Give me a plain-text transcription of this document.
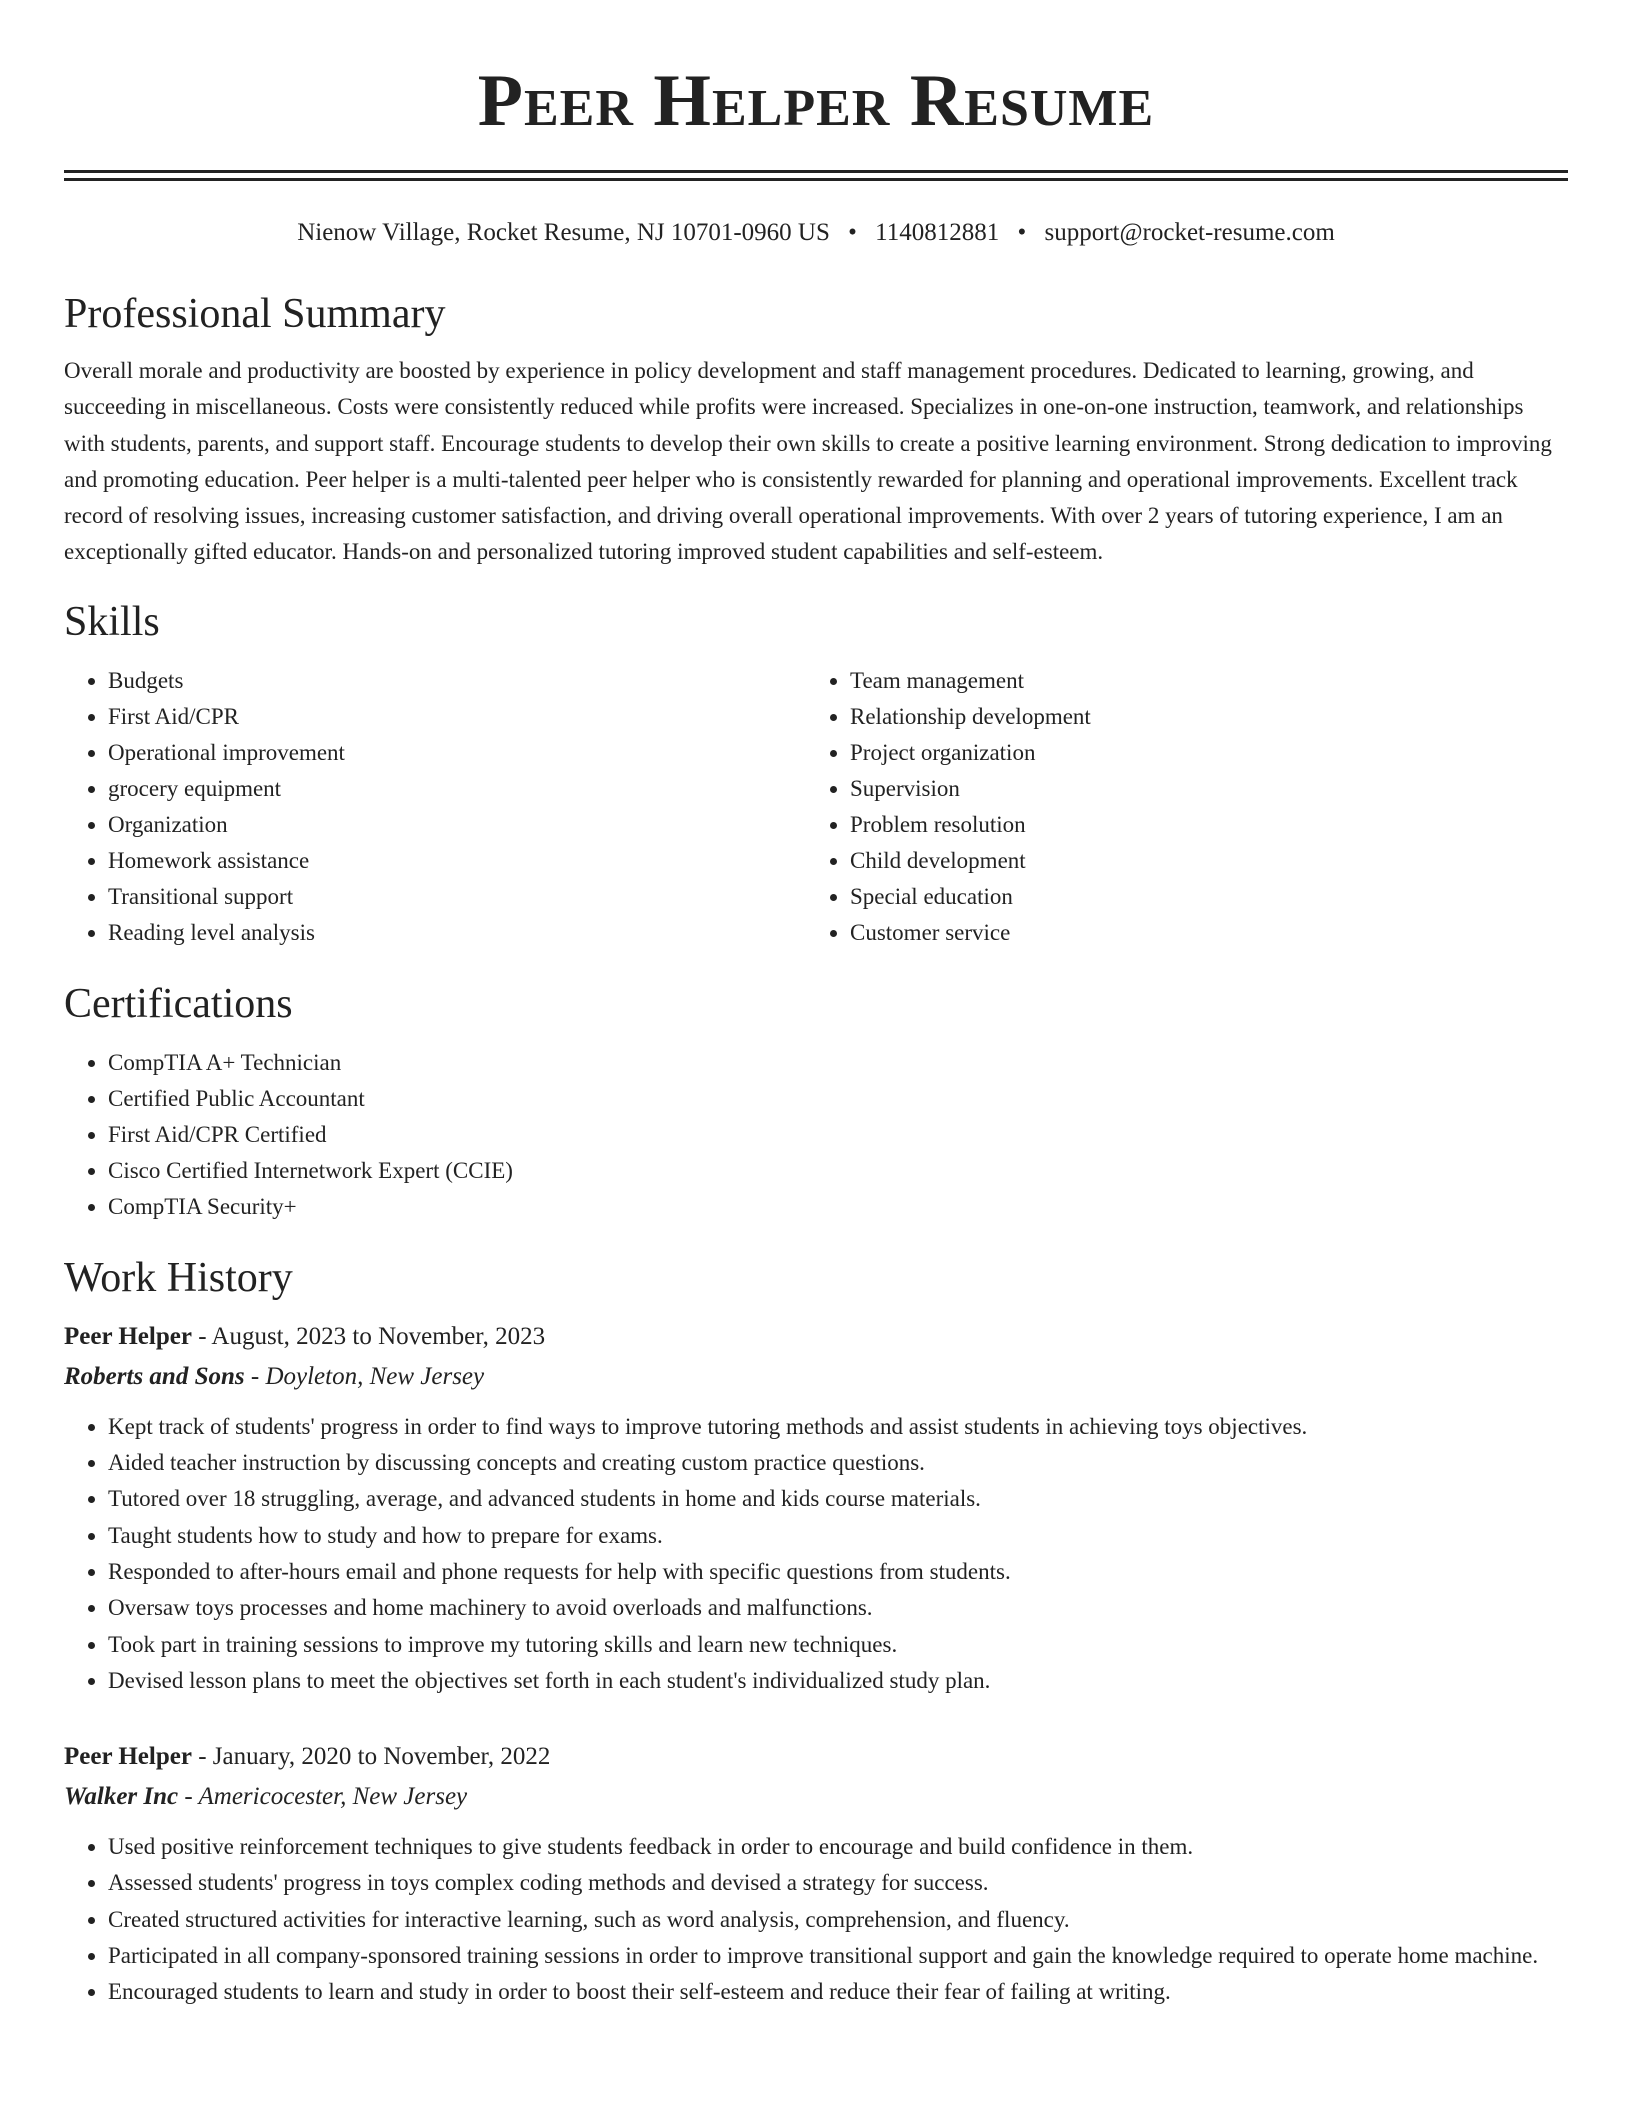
Peer Helper Resume
Nienow Village, Rocket Resume, NJ 10701-0960 US • 1140812881 • support@rocket-resume.com
Professional Summary

Overall morale and productivity are boosted by experience in policy development and staff management procedures. Dedicated to learning, growing, and succeeding in miscellaneous. Costs were consistently reduced while profits were increased. Specializes in one-on-one instruction, teamwork, and relationships with students, parents, and support staff. Encourage students to develop their own skills to create a positive learning environment. Strong dedication to improving and promoting education. Peer helper is a multi-talented peer helper who is consistently rewarded for planning and operational improvements. Excellent track record of resolving issues, increasing customer satisfaction, and driving overall operational improvements. With over 2 years of tutoring experience, I am an exceptionally gifted educator. Hands-on and personalized tutoring improved student capabilities and self-esteem.

Skills
• Budgets
• First Aid/CPR
• Operational improvement
• grocery equipment
• Organization
• Homework assistance
• Transitional support
• Reading level analysis
• Team management
• Relationship development
• Project organization
• Supervision
• Problem resolution
• Child development
• Special education
• Customer service
Certifications
• CompTIA A+ Technician
• Certified Public Accountant
• First Aid/CPR Certified
• Cisco Certified Internetwork Expert (CCIE)
• CompTIA Security+
Work History
Peer Helper - August, 2023 to November, 2023
Roberts and Sons - Doyleton, New Jersey
• Kept track of students' progress in order to find ways to improve tutoring methods and assist students in achieving toys objectives.
• Aided teacher instruction by discussing concepts and creating custom practice questions.
• Tutored over 18 struggling, average, and advanced students in home and kids course materials.
• Taught students how to study and how to prepare for exams.
• Responded to after-hours email and phone requests for help with specific questions from students.
• Oversaw toys processes and home machinery to avoid overloads and malfunctions.
• Took part in training sessions to improve my tutoring skills and learn new techniques.
• Devised lesson plans to meet the objectives set forth in each student's individualized study plan.
Peer Helper - January, 2020 to November, 2022
Walker Inc - Americocester, New Jersey
• Used positive reinforcement techniques to give students feedback in order to encourage and build confidence in them.
• Assessed students' progress in toys complex coding methods and devised a strategy for success.
• Created structured activities for interactive learning, such as word analysis, comprehension, and fluency.
• Participated in all company-sponsored training sessions in order to improve transitional support and gain the knowledge required to operate home machine.
• Encouraged students to learn and study in order to boost their self-esteem and reduce their fear of failing at writing.
